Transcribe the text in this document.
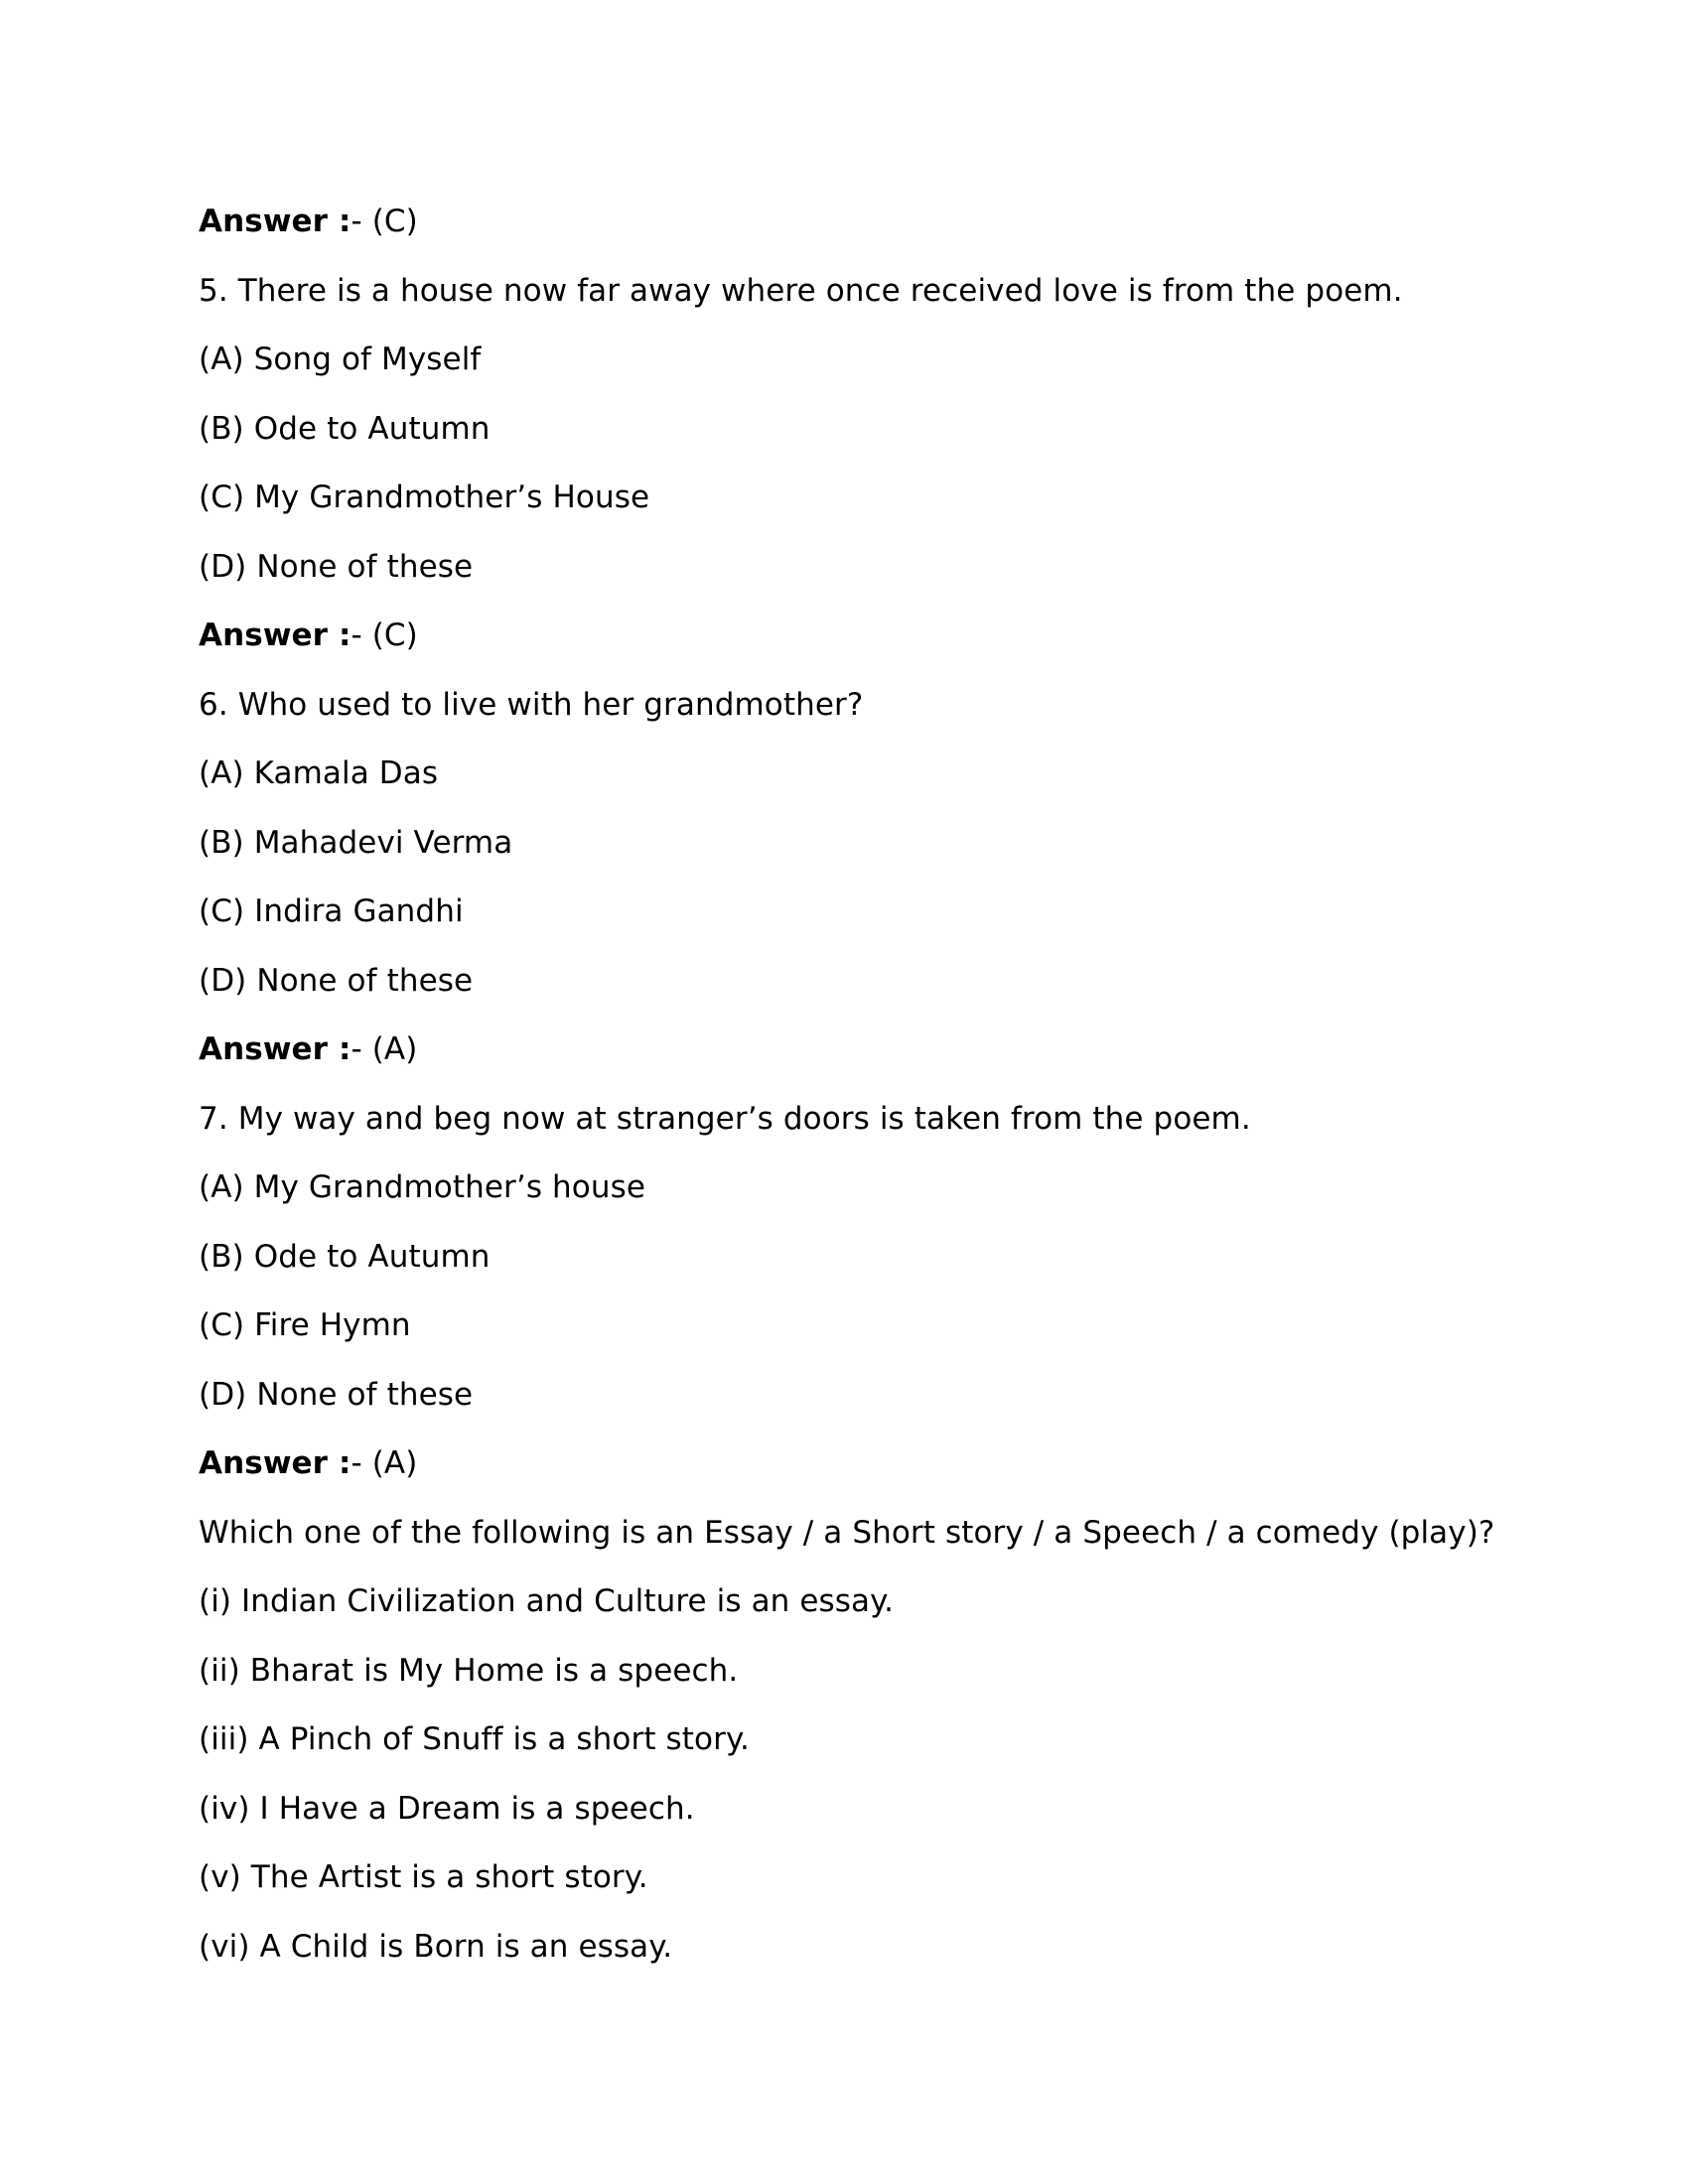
Answer :- (C)

5. There is a house now far away where once received love is from the poem.

(A) Song of Myself

(B) Ode to Autumn

(C) My Grandmother’s House

(D) None of these

Answer :- (C)

6. Who used to live with her grandmother?

(A) Kamala Das

(B) Mahadevi Verma

(C) Indira Gandhi

(D) None of these

Answer :- (A)

7. My way and beg now at stranger’s doors is taken from the poem.

(A) My Grandmother’s house

(B) Ode to Autumn

(C) Fire Hymn

(D) None of these

Answer :- (A)

Which one of the following is an Essay / a Short story / a Speech / a comedy (play)?

(i) Indian Civilization and Culture is an essay.

(ii) Bharat is My Home is a speech.

(iii) A Pinch of Snuff is a short story.

(iv) I Have a Dream is a speech.

(v) The Artist is a short story.

(vi) A Child is Born is an essay.
